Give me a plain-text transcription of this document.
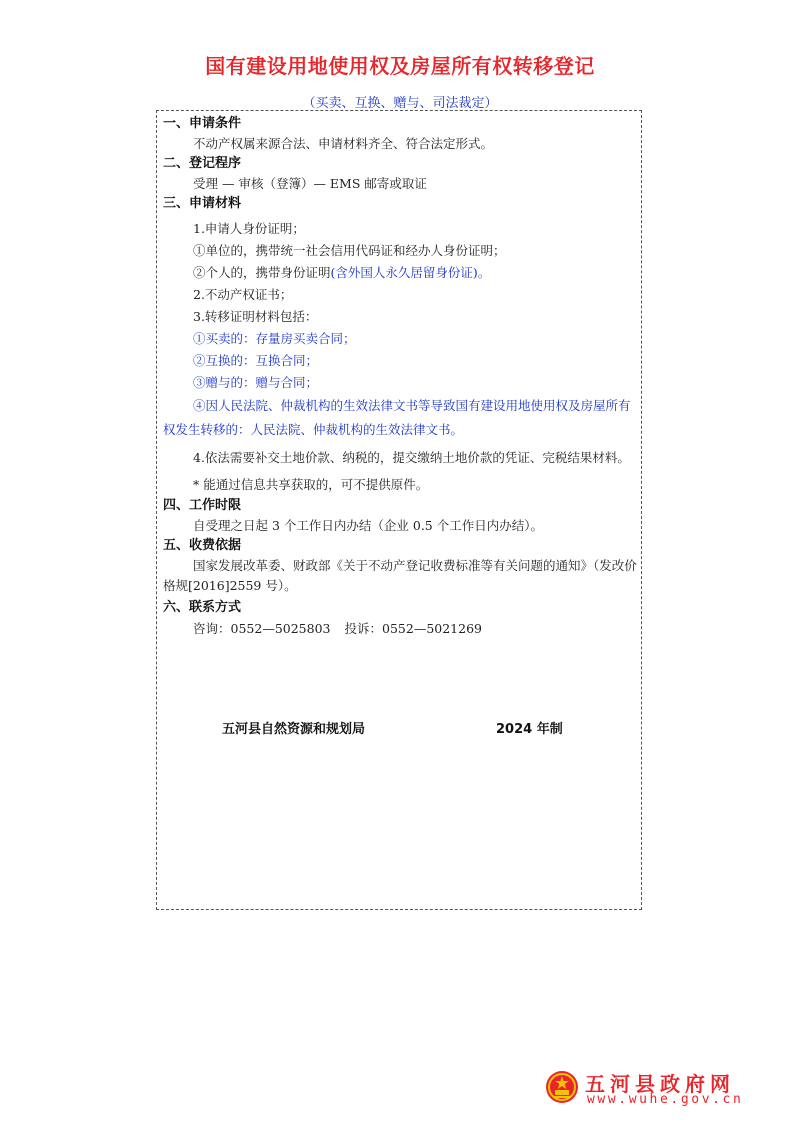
国有建设用地使用权及房屋所有权转移登记
（买卖、互换、赠与、司法裁定）

一、申请条件

不动产权属来源合法、申请材料齐全、符合法定形式。

二、登记程序

受理 — 审核（登簿）— EMS 邮寄或取证

三、申请材料

1.申请人身份证明；

①单位的，携带统一社会信用代码证和经办人身份证明；

②个人的，携带身份证明(含外国人永久居留身份证)。

2.不动产权证书；

3.转移证明材料包括：

①买卖的：存量房买卖合同；

②互换的：互换合同；

③赠与的：赠与合同；

④因人民法院、仲裁机构的生效法律文书等导致国有建设用地使用权及房屋所有权发生转移的：人民法院、仲裁机构的生效法律文书。

4.依法需要补交土地价款、纳税的，提交缴纳土地价款的凭证、完税结果材料。

* 能通过信息共享获取的，可不提供原件。

四、工作时限

自受理之日起 3 个工作日内办结（企业 0.5 个工作日内办结）。

五、收费依据

国家发展改革委、财政部《关于不动产登记收费标准等有关问题的通知》（发改价格规[2016]2559 号）。

六、联系方式

咨询：0552—5025803 投诉：0552—5021269

五河县自然资源和规划局	2024 年制
五河县政府网
www.wuhe.gov.cn
